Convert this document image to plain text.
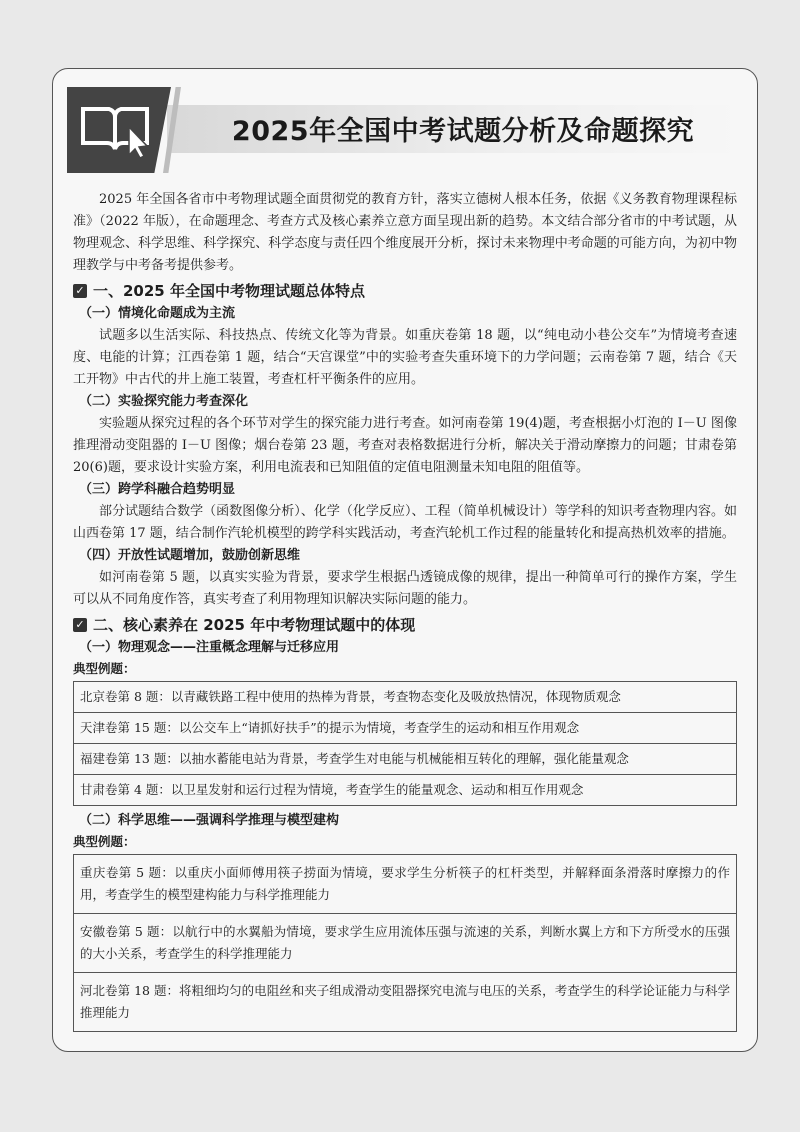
2025年全国中考试题分析及命题探究

2025 年全国各省市中考物理试题全面贯彻党的教育方针，落实立德树人根本任务，依据《义务教育物理课程标准》（2022 年版），在命题理念、考查方式及核心素养立意方面呈现出新的趋势。本文结合部分省市的中考试题，从物理观念、科学思维、科学探究、科学态度与责任四个维度展开分析，探讨未来物理中考命题的可能方向，为初中物理教学与中考备考提供参考。

✓ 一、2025 年全国中考物理试题总体特点
（一）情境化命题成为主流

试题多以生活实际、科技热点、传统文化等为背景。如重庆卷第 18 题，以“纯电动小巷公交车”为情境考查速度、电能的计算；江西卷第 1 题，结合“天宫课堂”中的实验考查失重环境下的力学问题；云南卷第 7 题，结合《天工开物》中古代的井上施工装置，考查杠杆平衡条件的应用。

（二）实验探究能力考查深化

实验题从探究过程的各个环节对学生的探究能力进行考查。如河南卷第 19(4)题，考查根据小灯泡的 I－U 图像推理滑动变阻器的 I－U 图像；烟台卷第 23 题，考查对表格数据进行分析，解决关于滑动摩擦力的问题；甘肃卷第 20(6)题，要求设计实验方案，利用电流表和已知阻值的定值电阻测量未知电阻的阻值等。

（三）跨学科融合趋势明显

部分试题结合数学（函数图像分析）、化学（化学反应）、工程（简单机械设计）等学科的知识考查物理内容。如山西卷第 17 题，结合制作汽轮机模型的跨学科实践活动，考查汽轮机工作过程的能量转化和提高热机效率的措施。

（四）开放性试题增加，鼓励创新思维

如河南卷第 5 题，以真实实验为背景，要求学生根据凸透镜成像的规律，提出一种简单可行的操作方案，学生可以从不同角度作答，真实考查了利用物理知识解决实际问题的能力。

✓ 二、核心素养在 2025 年中考物理试题中的体现
（一）物理观念——注重概念理解与迁移应用
典型例题：
北京卷第 8 题：以青藏铁路工程中使用的热棒为背景，考查物态变化及吸放热情况，体现物质观念
天津卷第 15 题：以公交车上“请抓好扶手”的提示为情境，考查学生的运动和相互作用观念
福建卷第 13 题：以抽水蓄能电站为背景，考查学生对电能与机械能相互转化的理解，强化能量观念
甘肃卷第 4 题：以卫星发射和运行过程为情境，考查学生的能量观念、运动和相互作用观念
（二）科学思维——强调科学推理与模型建构
典型例题：
重庆卷第 5 题：以重庆小面师傅用筷子捞面为情境，要求学生分析筷子的杠杆类型，并解释面条滑落时摩擦力的作用，考查学生的模型建构能力与科学推理能力
安徽卷第 5 题：以航行中的水翼船为情境，要求学生应用流体压强与流速的关系，判断水翼上方和下方所受水的压强的大小关系，考查学生的科学推理能力
河北卷第 18 题：将粗细均匀的电阻丝和夹子组成滑动变阻器探究电流与电压的关系，考查学生的科学论证能力与科学推理能力
